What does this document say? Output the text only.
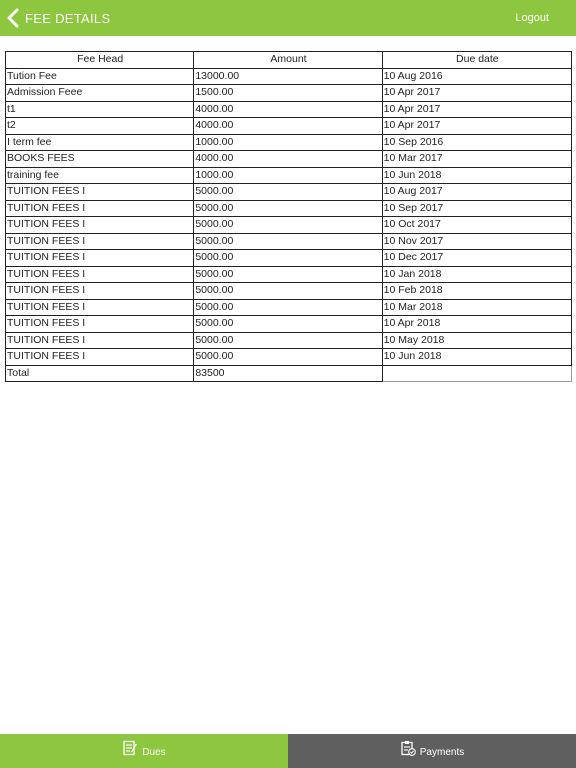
FEE DETAILS	Logout
Fee Head	Amount	Due date
Tution Fee	13000.00	10 Aug 2016
Admission Feee	1500.00	10 Apr 2017
t1	4000.00	10 Apr 2017
t2	4000.00	10 Apr 2017
I term fee	1000.00	10 Sep 2016
BOOKS FEES	4000.00	10 Mar 2017
training fee	1000.00	10 Jun 2018
TUITION FEES I	5000.00	10 Aug 2017
TUITION FEES I	5000.00	10 Sep 2017
TUITION FEES I	5000.00	10 Oct 2017
TUITION FEES I	5000.00	10 Nov 2017
TUITION FEES I	5000.00	10 Dec 2017
TUITION FEES I	5000.00	10 Jan 2018
TUITION FEES I	5000.00	10 Feb 2018
TUITION FEES I	5000.00	10 Mar 2018
TUITION FEES I	5000.00	10 Apr 2018
TUITION FEES I	5000.00	10 May 2018
TUITION FEES I	5000.00	10 Jun 2018
Total	83500	
Dues	Payments
